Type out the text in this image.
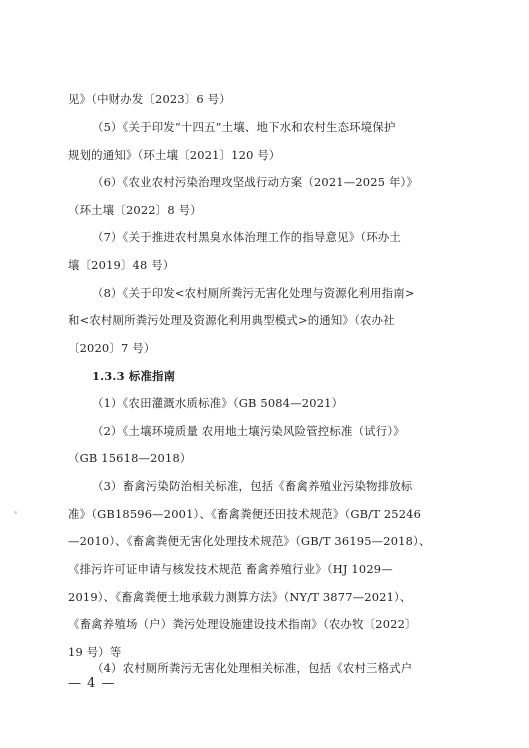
见》（中财办发〔2023〕6 号）
（5）《关于印发“十四五”土壤、地下水和农村生态环境保护
规划的通知》（环土壤〔2021〕120 号）
（6）《农业农村污染治理攻坚战行动方案（2021—2025 年）》
（环土壤〔2022〕8 号）
（7）《关于推进农村黑臭水体治理工作的指导意见》（环办土
壤〔2019〕48 号）
（8）《关于印发<农村厕所粪污无害化处理与资源化利用指南>
和<农村厕所粪污处理及资源化利用典型模式>的通知》（农办社
〔2020〕7 号）
1.3.3 标准指南
（1）《农田灌溉水质标准》（GB 5084—2021）
（2）《土壤环境质量 农用地土壤污染风险管控标准（试行）》
（GB 15618—2018）
（3）畜禽污染防治相关标准，包括《畜禽养殖业污染物排放标
准》（GB18596—2001）、《畜禽粪便还田技术规范》（GB/T 25246
—2010）、《畜禽粪便无害化处理技术规范》（GB/T 36195—2018）、
《排污许可证申请与核发技术规范 畜禽养殖行业》（HJ 1029—
2019）、《畜禽粪便土地承载力测算方法》（NY/T 3877—2021）、
《畜禽养殖场（户）粪污处理设施建设技术指南》（农办牧〔2022〕
19 号）等
（4）农村厕所粪污无害化处理相关标准，包括《农村三格式户
— 4 —
